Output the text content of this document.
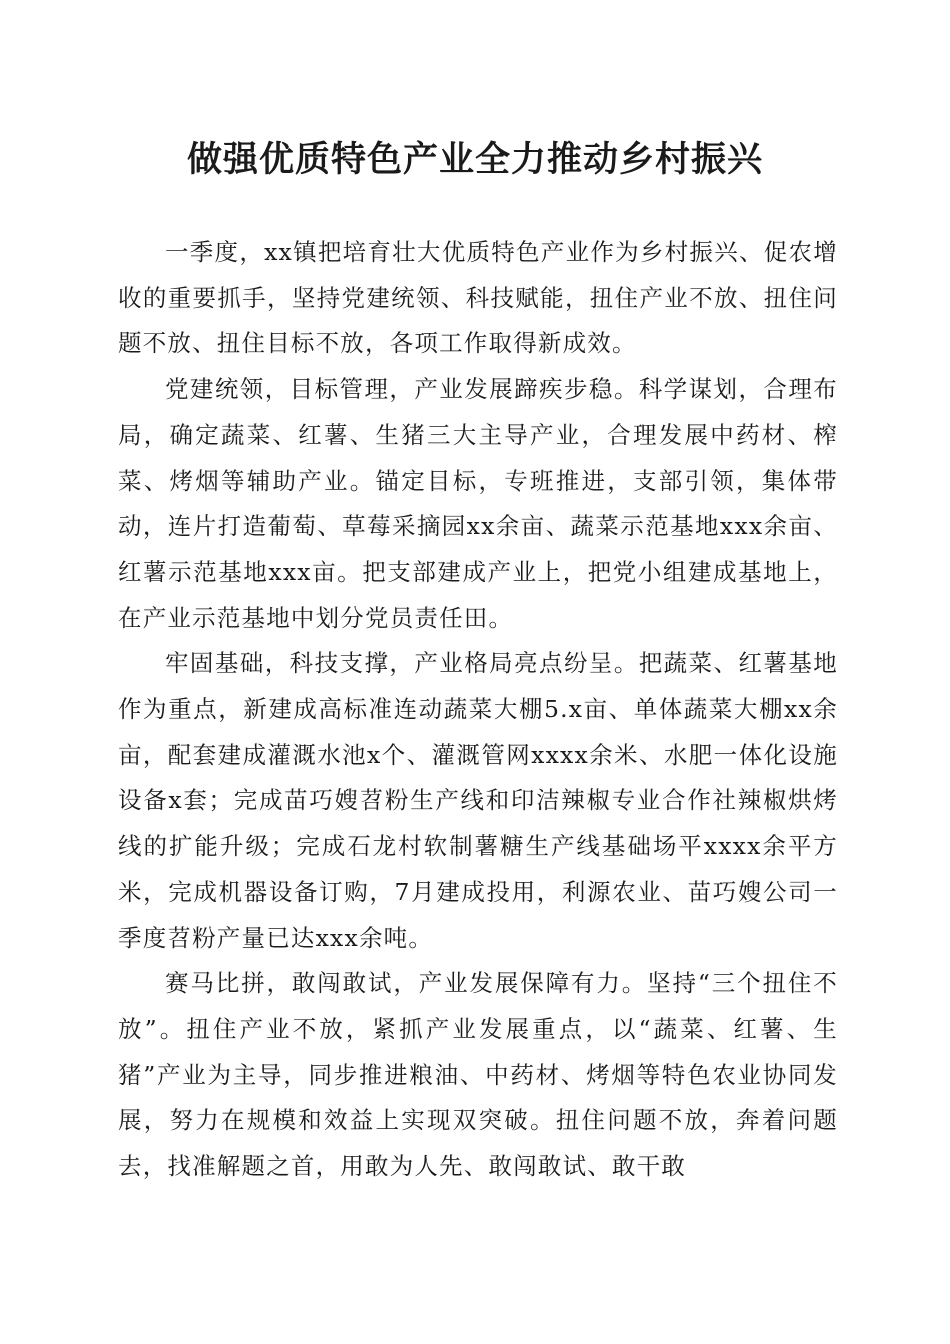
做强优质特色产业全力推动乡村振兴

一季度，xx镇把培育壮大优质特色产业作为乡村振兴、促农增收的重要抓手，坚持党建统领、科技赋能，扭住产业不放、扭住问题不放、扭住目标不放，各项工作取得新成效。

党建统领，目标管理，产业发展蹄疾步稳。科学谋划，合理布局，确定蔬菜、红薯、生猪三大主导产业，合理发展中药材、榨菜、烤烟等辅助产业。锚定目标，专班推进，支部引领，集体带动，连片打造葡萄、草莓采摘园xx余亩、蔬菜示范基地xxx余亩、红薯示范基地xxx亩。把支部建成产业上，把党小组建成基地上，在产业示范基地中划分党员责任田。

牢固基础，科技支撑，产业格局亮点纷呈。把蔬菜、红薯基地作为重点，新建成高标准连动蔬菜大棚5.x亩、单体蔬菜大棚xx余亩，配套建成灌溉水池x个、灌溉管网xxxx余米、水肥一体化设施设备x套；完成苗巧嫂苕粉生产线和印洁辣椒专业合作社辣椒烘烤线的扩能升级；完成石龙村软制薯糖生产线基础场平xxxx余平方米，完成机器设备订购，7月建成投用，利源农业、苗巧嫂公司一季度苕粉产量已达xxx余吨。

赛马比拼，敢闯敢试，产业发展保障有力。坚持“三个扭住不放”。扭住产业不放，紧抓产业发展重点，以“蔬菜、红薯、生猪”产业为主导，同步推进粮油、中药材、烤烟等特色农业协同发展，努力在规模和效益上实现双突破。扭住问题不放，奔着问题去，找准解题之首，用敢为人先、敢闯敢试、敢干敢
